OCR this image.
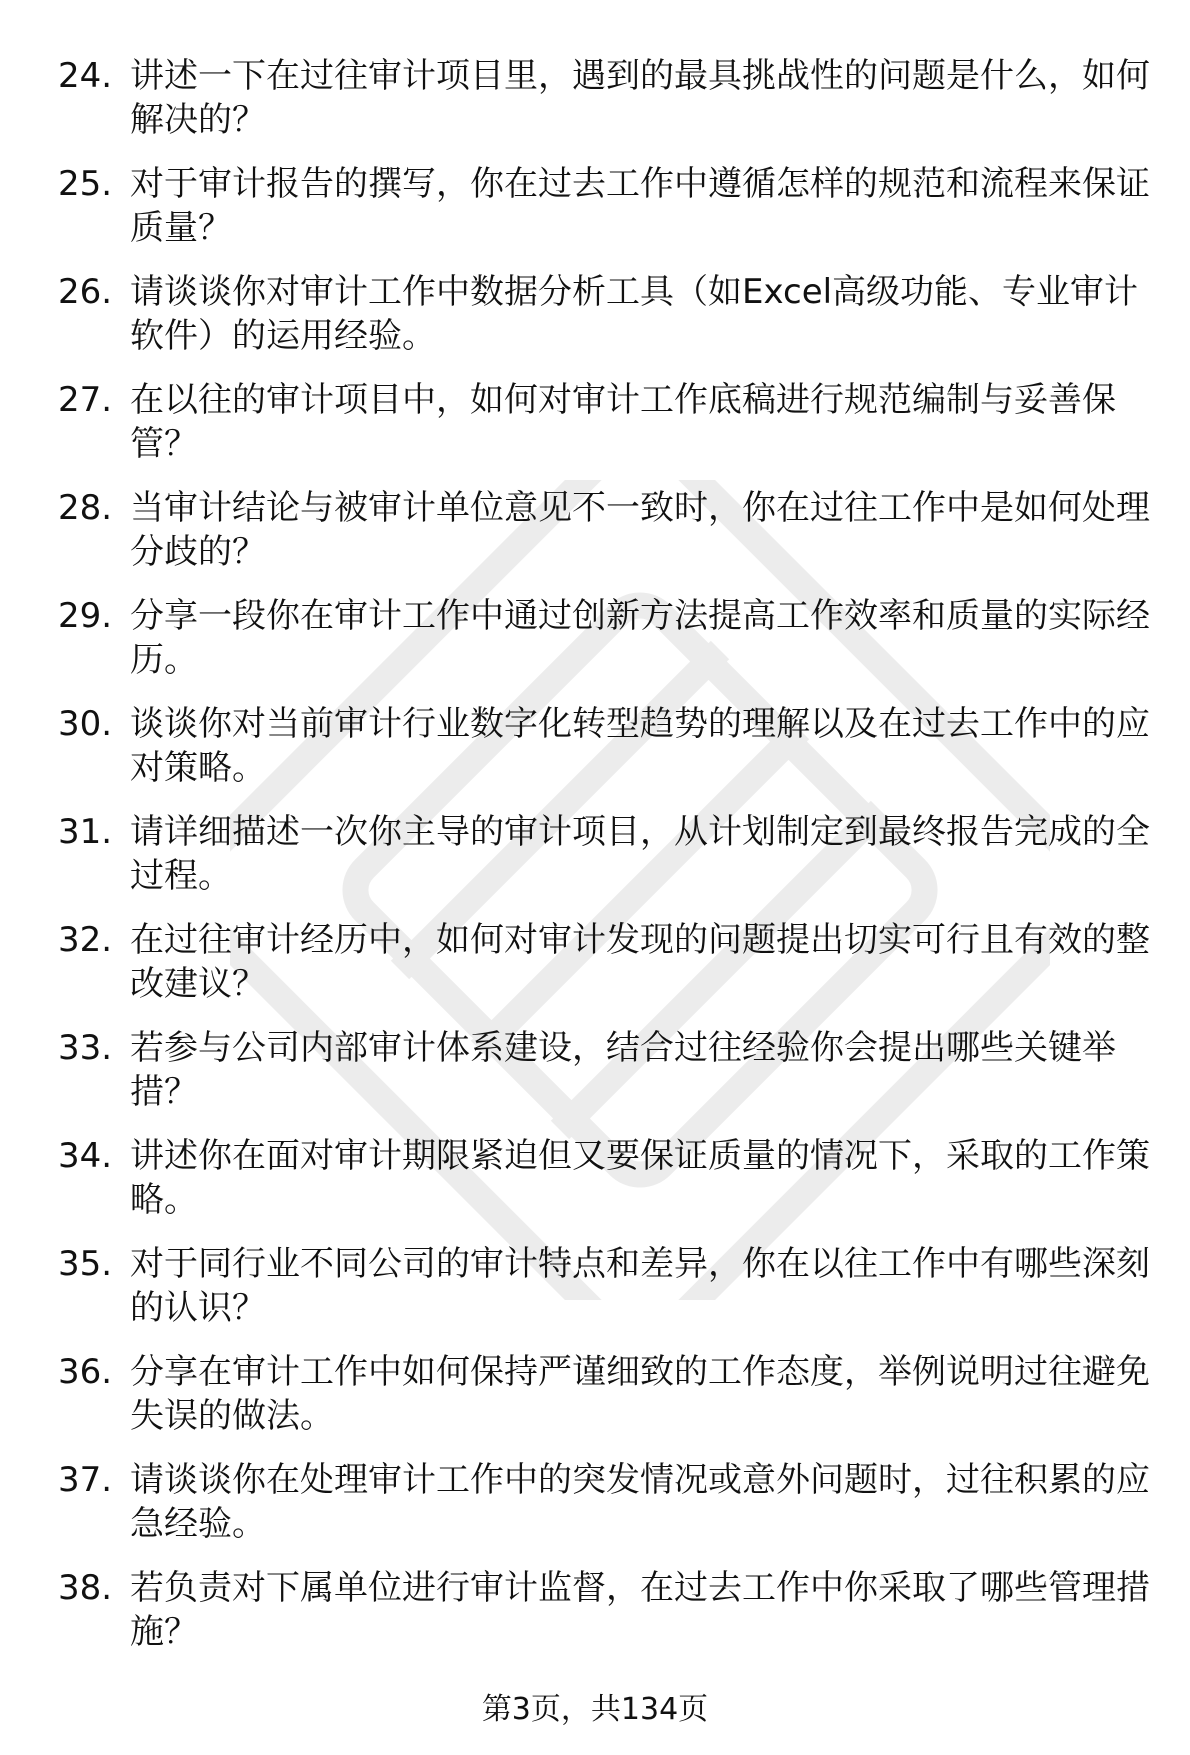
24. 讲述一下在过往审计项目里，遇到的最具挑战性的问题是什么，如何解决的？
25. 对于审计报告的撰写，你在过去工作中遵循怎样的规范和流程来保证质量？
26. 请谈谈你对审计工作中数据分析工具（如Excel高级功能、专业审计软件）的运用经验。
27. 在以往的审计项目中，如何对审计工作底稿进行规范编制与妥善保管？
28. 当审计结论与被审计单位意见不一致时，你在过往工作中是如何处理分歧的？
29. 分享一段你在审计工作中通过创新方法提高工作效率和质量的实际经历。
30. 谈谈你对当前审计行业数字化转型趋势的理解以及在过去工作中的应对策略。
31. 请详细描述一次你主导的审计项目，从计划制定到最终报告完成的全过程。
32. 在过往审计经历中，如何对审计发现的问题提出切实可行且有效的整改建议？
33. 若参与公司内部审计体系建设，结合过往经验你会提出哪些关键举措？
34. 讲述你在面对审计期限紧迫但又要保证质量的情况下，采取的工作策略。
35. 对于同行业不同公司的审计特点和差异，你在以往工作中有哪些深刻的认识？
36. 分享在审计工作中如何保持严谨细致的工作态度，举例说明过往避免失误的做法。
37. 请谈谈你在处理审计工作中的突发情况或意外问题时，过往积累的应急经验。
38. 若负责对下属单位进行审计监督，在过去工作中你采取了哪些管理措施？
第3页，共134页
